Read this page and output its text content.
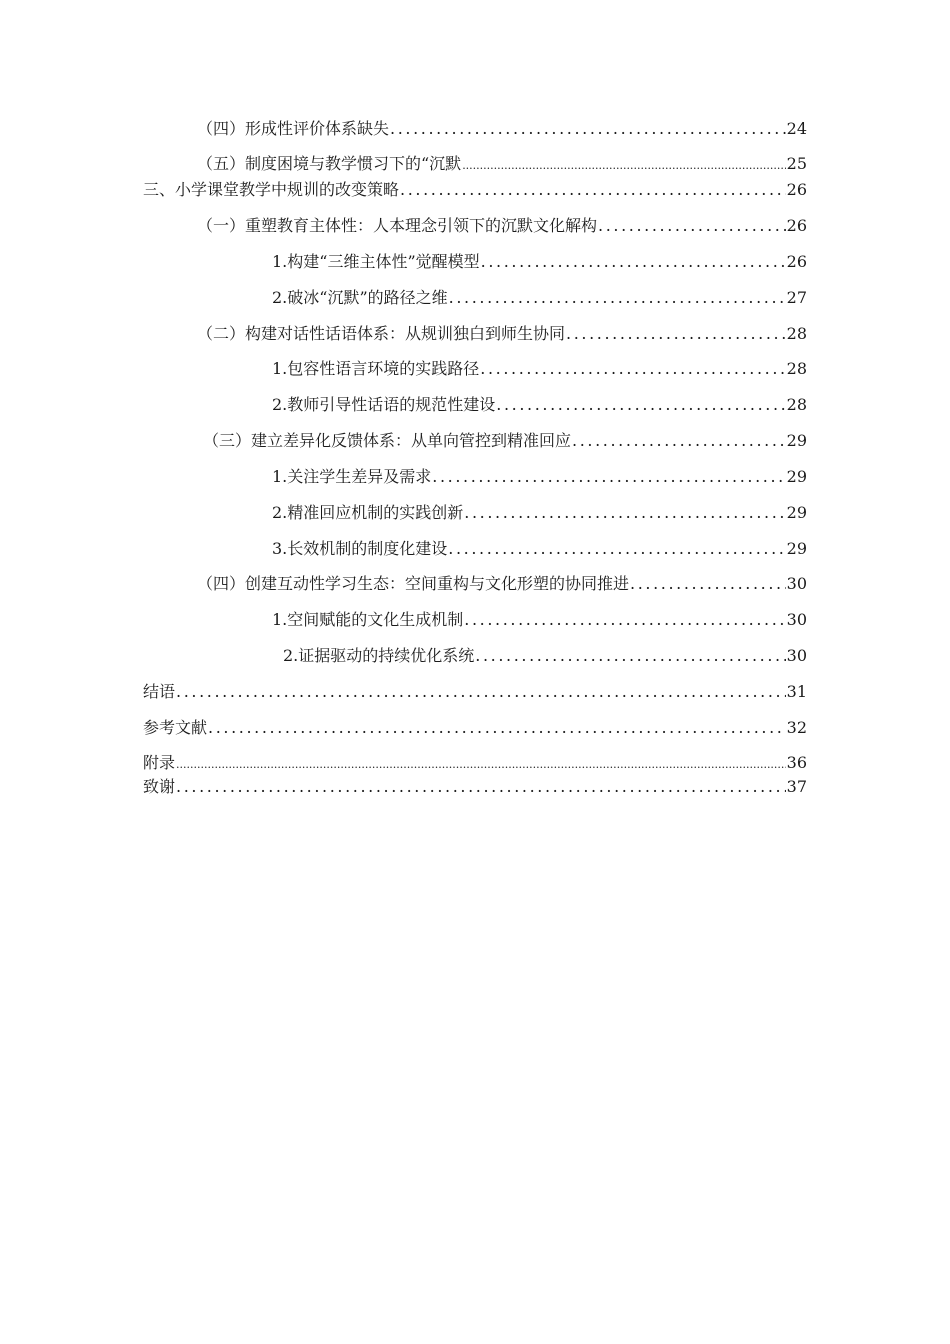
（四）形成性评价体系缺失 .....	24
（五）制度困境与教学惯习下的“沉默 .....	25
三、小学课堂教学中规训的改变策略 .....	26
（一）重塑教育主体性：人本理念引领下的沉默文化解构 .....	26
1.构建“三维主体性”觉醒模型 .....	26
2.破冰“沉默”的路径之维 .....	27
（二）构建对话性话语体系：从规训独白到师生协同 .....	28
1.包容性语言环境的实践路径 .....	28
2.教师引导性话语的规范性建设 .....	28
（三）建立差异化反馈体系：从单向管控到精准回应 .....	29
1.关注学生差异及需求 .....	29
2.精准回应机制的实践创新 .....	29
3.长效机制的制度化建设 .....	29
（四）创建互动性学习生态：空间重构与文化形塑的协同推进 .....	30
1.空间赋能的文化生成机制 .....	30
2.证据驱动的持续优化系统 .....	30
结语 .....	31
参考文献 .....	32
附录 .....	36
致谢 .....	37
